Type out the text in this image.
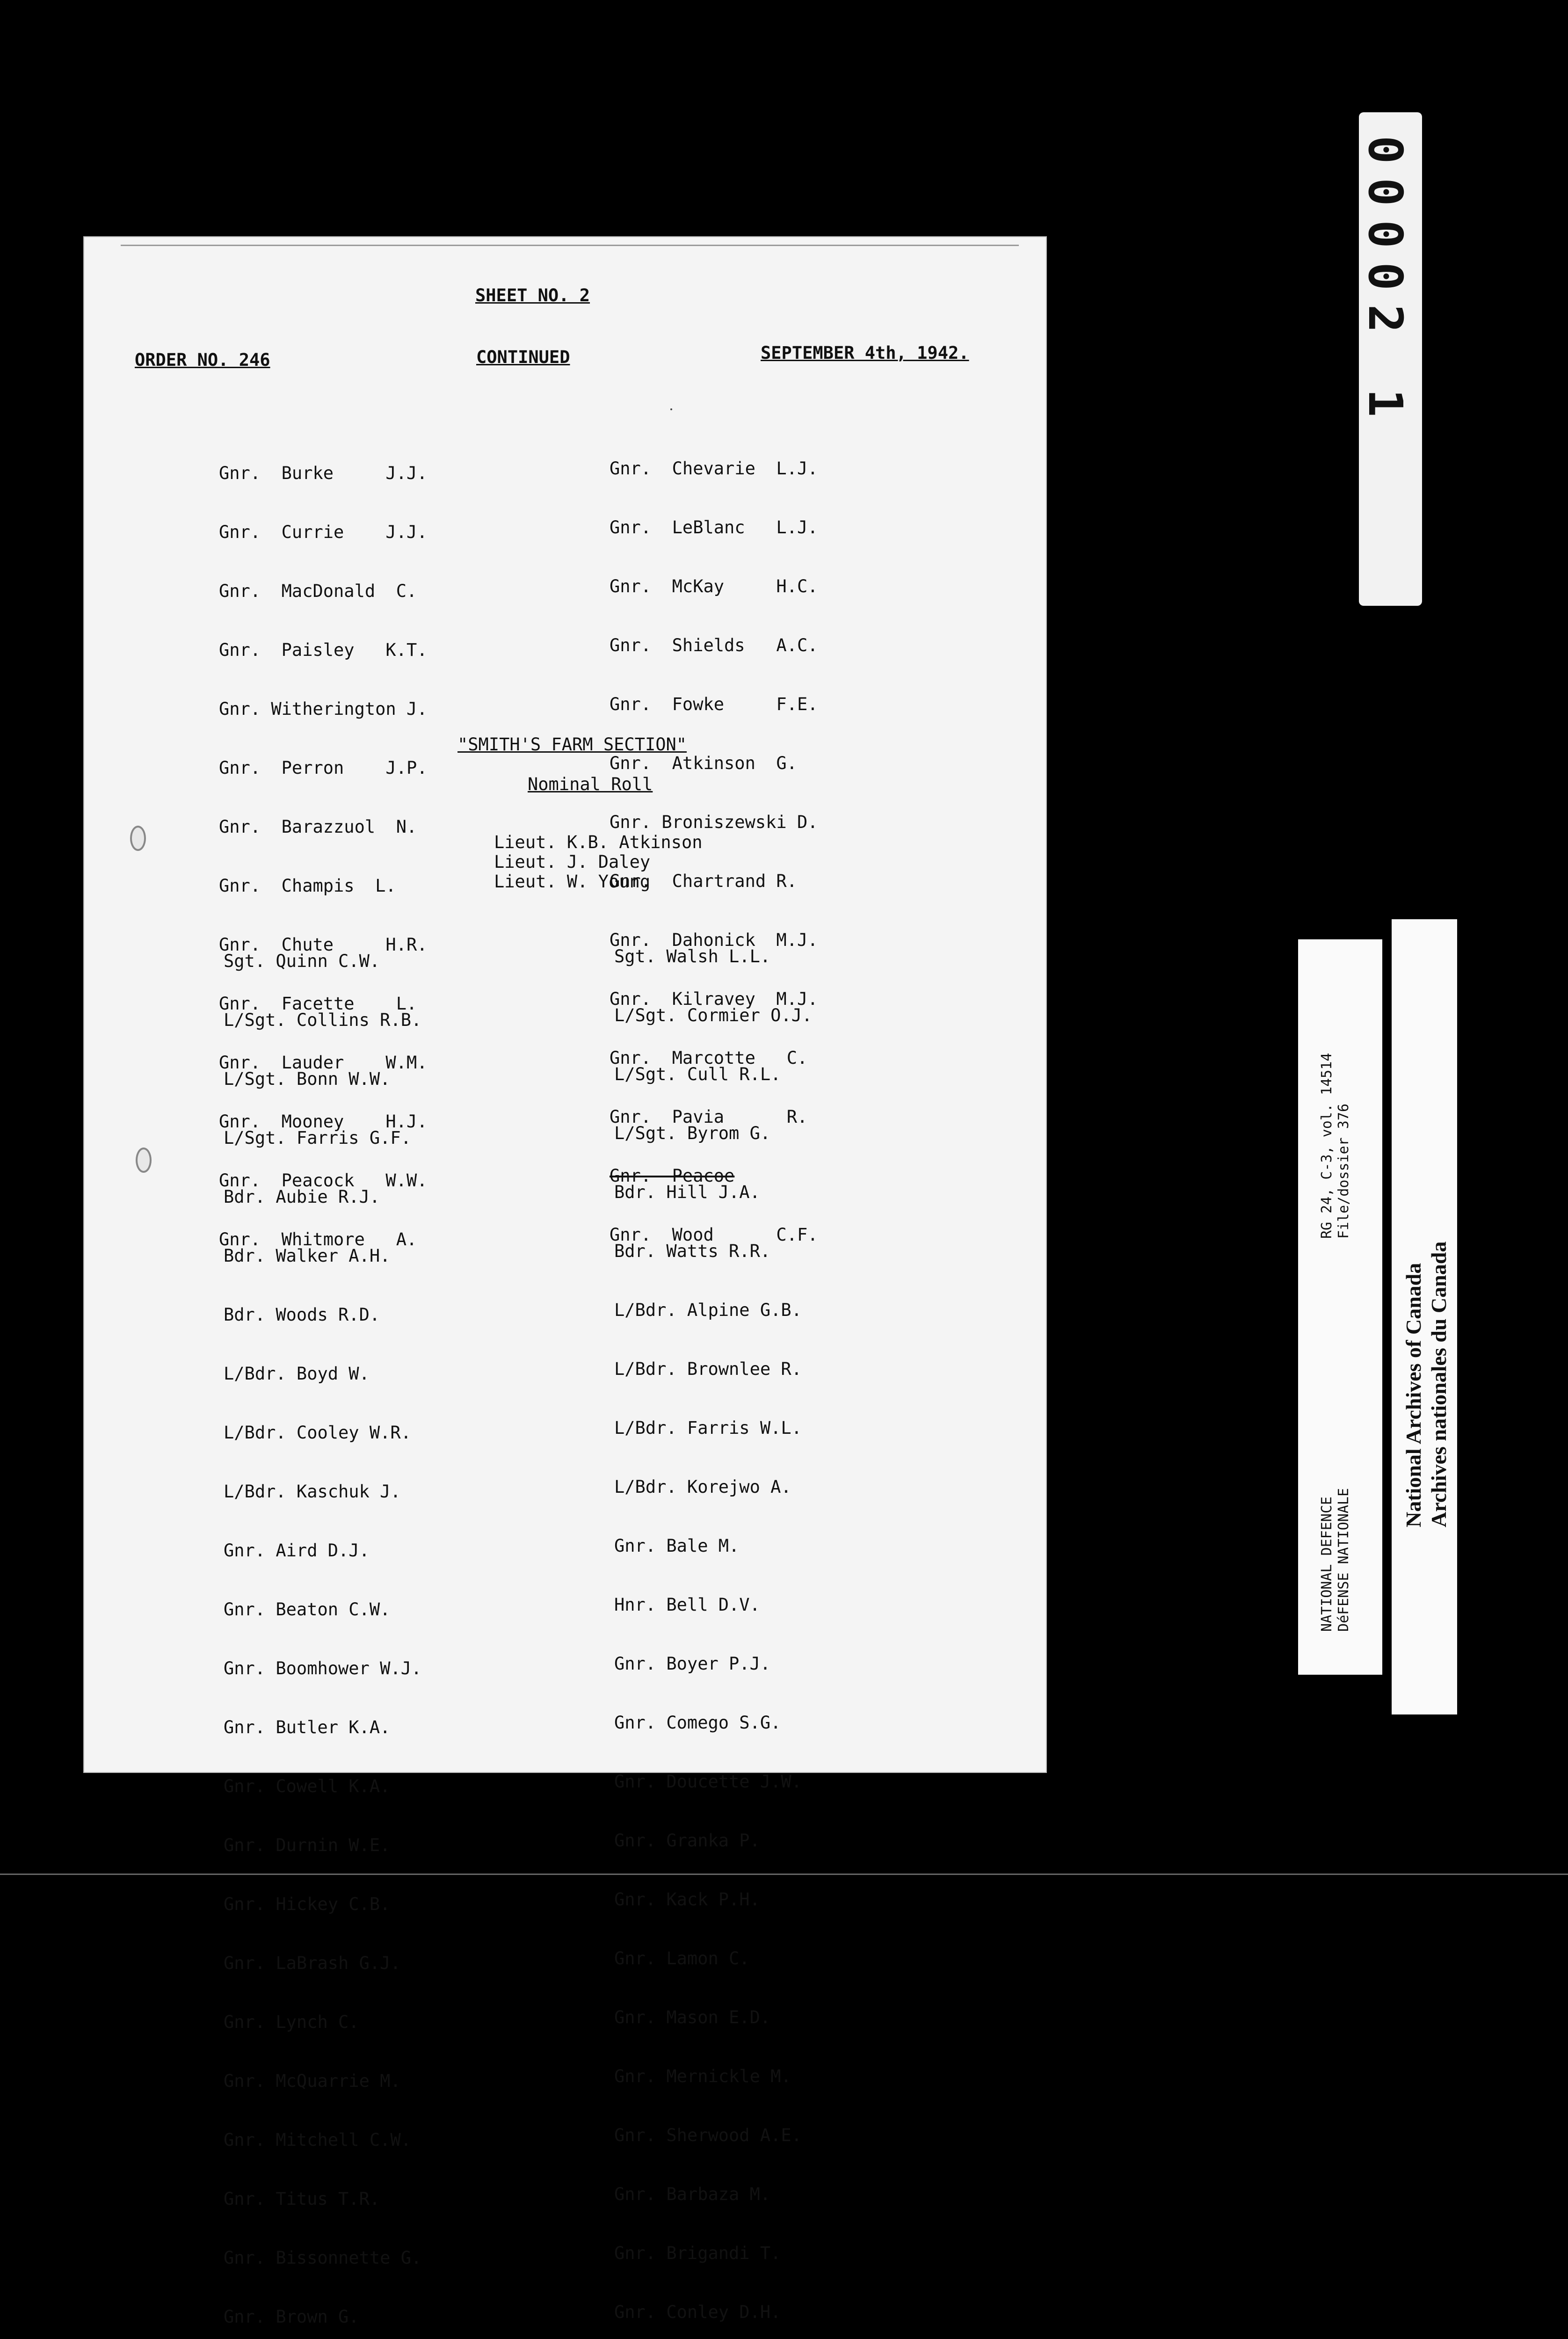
SHEET NO. 2
ORDER NO. 246	CONTINUED	SEPTEMBER 4th, 1942.

Gnr.  Burke     J.J.

Gnr.  Currie    J.J.

Gnr.  MacDonald  C.

Gnr.  Paisley   K.T.

Gnr. Witherington J.

Gnr.  Perron    J.P.

Gnr.  Barazzuol  N.

Gnr.  Champis  L.

Gnr.  Chute     H.R.

Gnr.  Facette    L.

Gnr.  Lauder    W.M.

Gnr.  Mooney    H.J.

Gnr.  Peacock   W.W.

Gnr.  Whitmore   A.

Gnr.  Chevarie  L.J.

Gnr.  LeBlanc   L.J.

Gnr.  McKay     H.C.

Gnr.  Shields   A.C.

Gnr.  Fowke     F.E.

Gnr.  Atkinson  G.

Gnr. Broniszewski D.

Gnr.  Chartrand R.

Gnr.  Dahonick  M.J.

Gnr.  Kilravey  M.J.

Gnr.  Marcotte   C.

Gnr.  Pavia      R.

Gnr.--Peacoe

Gnr.  Wood      C.F.

"SMITH'S FARM SECTION"
Nominal Roll
Lieut. K.B. Atkinson
Lieut. J. Daley
Lieut. W. Young

Sgt. Quinn C.W.

L/Sgt. Collins R.B.

L/Sgt. Bonn W.W.

L/Sgt. Farris G.F.

Bdr. Aubie R.J.

Bdr. Walker A.H.

Bdr. Woods R.D.

L/Bdr. Boyd W.

L/Bdr. Cooley W.R.

L/Bdr. Kaschuk J.

Gnr. Aird D.J.

Gnr. Beaton C.W.

Gnr. Boomhower W.J.

Gnr. Butler K.A.

Gnr. Cowell K.A.

Gnr. Durnin W.E.

Gnr. Hickey C.B.

Gnr. LaBrash G.J.

Gnr. Lynch C.

Gnr. McQuarrie M.

Gnr. Mitchell C.W.

Gnr. Titus T.R.

Gnr. Bissonnette G.

Gnr. Brown G.

Sgt. Walsh L.L.

L/Sgt. Cormier O.J.

L/Sgt. Cull R.L.

L/Sgt. Byrom G.

Bdr. Hill J.A.

Bdr. Watts R.R.

L/Bdr. Alpine G.B.

L/Bdr. Brownlee R.

L/Bdr. Farris W.L.

L/Bdr. Korejwo A.

Gnr. Bale M.

Hnr. Bell D.V.

Gnr. Boyer P.J.

Gnr. Comego S.G.

Gnr. Doucette J.W.

Gnr. Granka P.

Gnr. Kack P.H.

Gnr. Lamon C.

Gnr. Mason E.D.

Gnr. Mernickle M.

Gnr. Sherwood A.E.

Gnr. Barbaza M.

Gnr. Brigandi T.

Gnr. Conley D.H.

00002 1
NATIONAL DEFENCE DéFENSE NATIONALE
RG 24, C-3, vol. 14514 File/dossier 376
National Archives of Canada Archives nationales du Canada
